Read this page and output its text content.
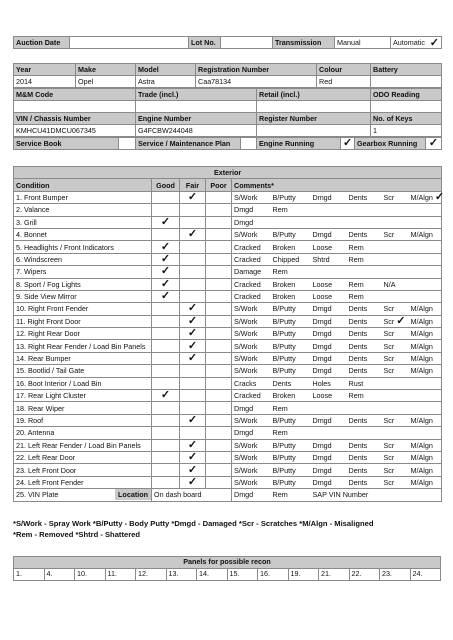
Auction Date		Lot No.		Transmission	Manual	Automatic ✓
Year	Make	Model	Registration Number	Colour	Battery
2014	Opel	Astra	Caa78134	Red	
M&M Code	Trade (incl.)	Retail (incl.)	ODO Reading

VIN / Chassis Number	Engine Number	Register Number	No. of Keys
KMHCU41DMCU067345	G4FCBW244048		1
Service Book		Service / Maintenance Plan		Engine Running	✓	Gearbox Running	✓
Exterior									
Condition	Good	Fair	Poor	Comments*					
1. Front Bumper		✓		S/Work	B/Putty	Dmgd	Dents	Scr	M/Algn ✓
2. Valance				Dmgd	Rem				
3. Grill	✓			Dmgd					
4. Bonnet		✓		S/Work	B/Putty	Dmgd	Dents	Scr	M/Algn
5. Headlights / Front Indicators	✓			Cracked	Broken	Loose	Rem		
6. Windscreen	✓			Cracked	Chipped	Shtrd	Rem		
7. Wipers	✓			Damage	Rem				
8. Sport / Fog Lights	✓			Cracked	Broken	Loose	Rem	N/A	
9. Side View Mirror	✓			Cracked	Broken	Loose	Rem		
10. Right Front Fender		✓		S/Work	B/Putty	Dmgd	Dents	Scr	M/Algn
11. Right Front Door		✓		S/Work	B/Putty	Dmgd	Dents	Scr ✓	M/Algn
12. Right Rear Door		✓		S/Work	B/Putty	Dmgd	Dents	Scr	M/Algn
13. Right Rear Fender / Load Bin Panels		✓		S/Work	B/Putty	Dmgd	Dents	Scr	M/Algn
14. Rear Bumper		✓		S/Work	B/Putty	Dmgd	Dents	Scr	M/Algn
15. Bootlid / Tail Gate				S/Work	B/Putty	Dmgd	Dents	Scr	M/Algn
16. Boot Interior / Load Bin				Cracks	Dents	Holes	Rust		
17. Rear Light Cluster	✓			Cracked	Broken	Loose	Rem		
18. Rear Wiper				Dmgd	Rem				
19. Roof		✓		S/Work	B/Putty	Dmgd	Dents	Scr	M/Algn
20. Antenna				Dmgd	Rem				
21. Left Rear Fender / Load Bin Panels		✓		S/Work	B/Putty	Dmgd	Dents	Scr	M/Algn
22. Left Rear Door		✓		S/Work	B/Putty	Dmgd	Dents	Scr	M/Algn
23. Left Front Door		✓		S/Work	B/Putty	Dmgd	Dents	Scr	M/Algn
24. Left Front Fender		✓		S/Work	B/Putty	Dmgd	Dents	Scr	M/Algn
25. VIN Plate Location	On dash board			Dmgd	Rem	SAP VIN Number			
*S/Work - Spray Work *B/Putty - Body Putty *Dmgd - Damaged *Scr - Scratches *M/Algn - Misaligned
*Rem - Removed *Shtrd - Shattered
Panels for possible recon
1.	4.	10.	11.	12.	13.	14.	15.	16.	19.	21.	22.	23.	24.
